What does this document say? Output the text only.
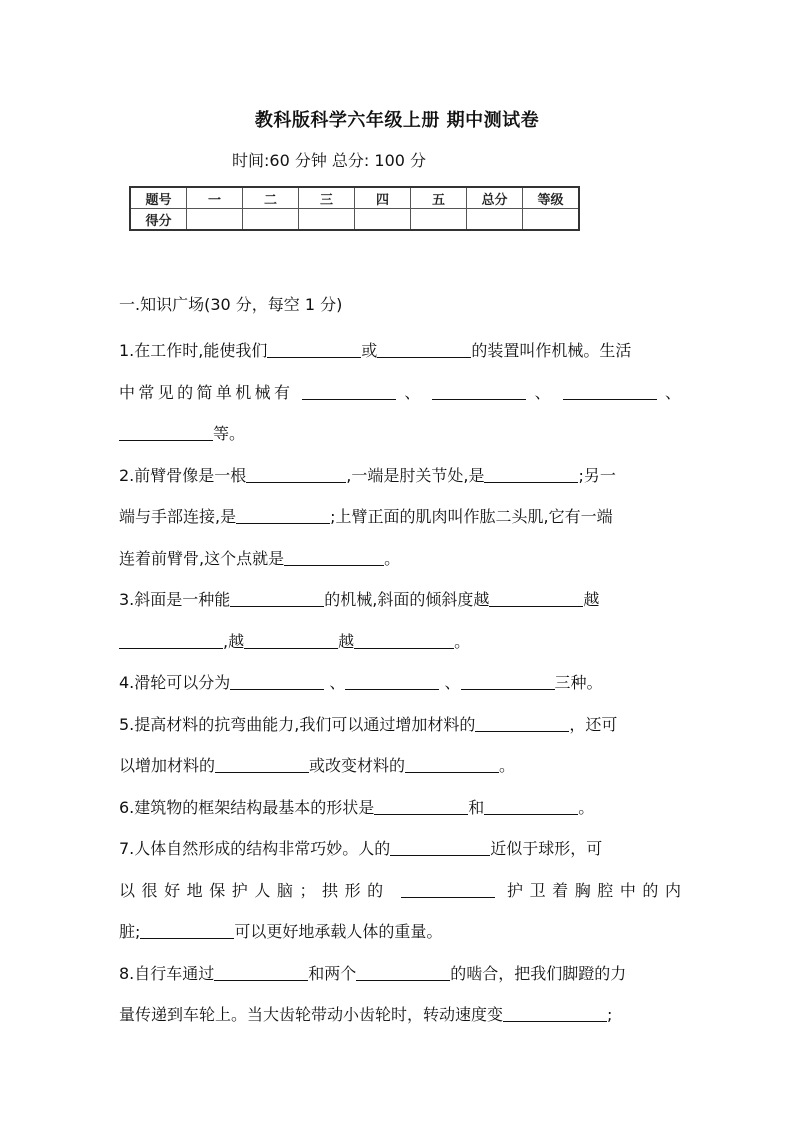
教科版科学六年级上册 期中测试卷
时间:60 分钟 总分: 100 分
题号	一	二	三	四	五	总分	等级
得分							
一.知识广场(30 分，每空 1 分)

1.在工作时,能使我们	或	的装置叫作机械。生活

中常见的简单机械有	、	、	、

等。

2.前臂骨像是一根	,一端是肘关节处,是	;另一

端与手部连接,是	;上臂正面的肌肉叫作肱二头肌,它有一端

连着前臂骨,这个点就是	。

3.斜面是一种能	的机械,斜面的倾斜度越	越

,越	越	。

4.滑轮可以分为	、	、	三种。

5.提高材料的抗弯曲能力,我们可以通过增加材料的	，还可

以增加材料的	或改变材料的	。

6.建筑物的框架结构最基本的形状是	和	。

7.人体自然形成的结构非常巧妙。人的	近似于球形，可

以很好地保护人脑；拱形的	护卫着胸腔中的内

脏;	可以更好地承载人体的重量。

8.自行车通过	和两个	的啮合，把我们脚蹬的力

量传递到车轮上。当大齿轮带动小齿轮时，转动速度变	;
